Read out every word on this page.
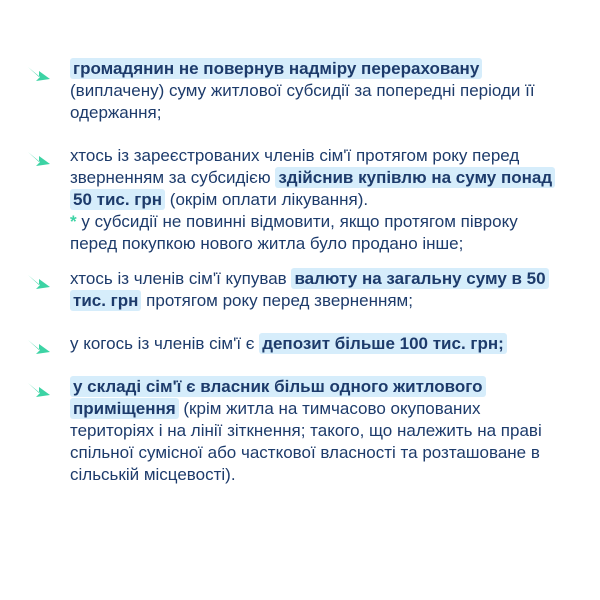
громадянин не повернув надміру перераховану (виплачену) суму житлової субсидії за попередні періоди її одержання;

хтось із зареєстрованих членів сім'ї протягом року перед зверненням за субсидією здійснив купівлю на суму понад 50 тис. грн (окрім оплати лікування).
* у субсидії не повинні відмовити, якщо протягом півроку перед покупкою нового житла було продано інше;

хтось із членів сім'ї купував валюту на загальну суму в 50 тис. грн протягом року перед зверненням;

у когось із членів сім'ї є депозит більше 100 тис. грн;

у складі сім'ї є власник більш одного житлового приміщення (крім житла на тимчасово окупованих територіях і на лінії зіткнення; такого, що належить на праві спільної сумісної або часткової власності та розташоване в сільській місцевості).
